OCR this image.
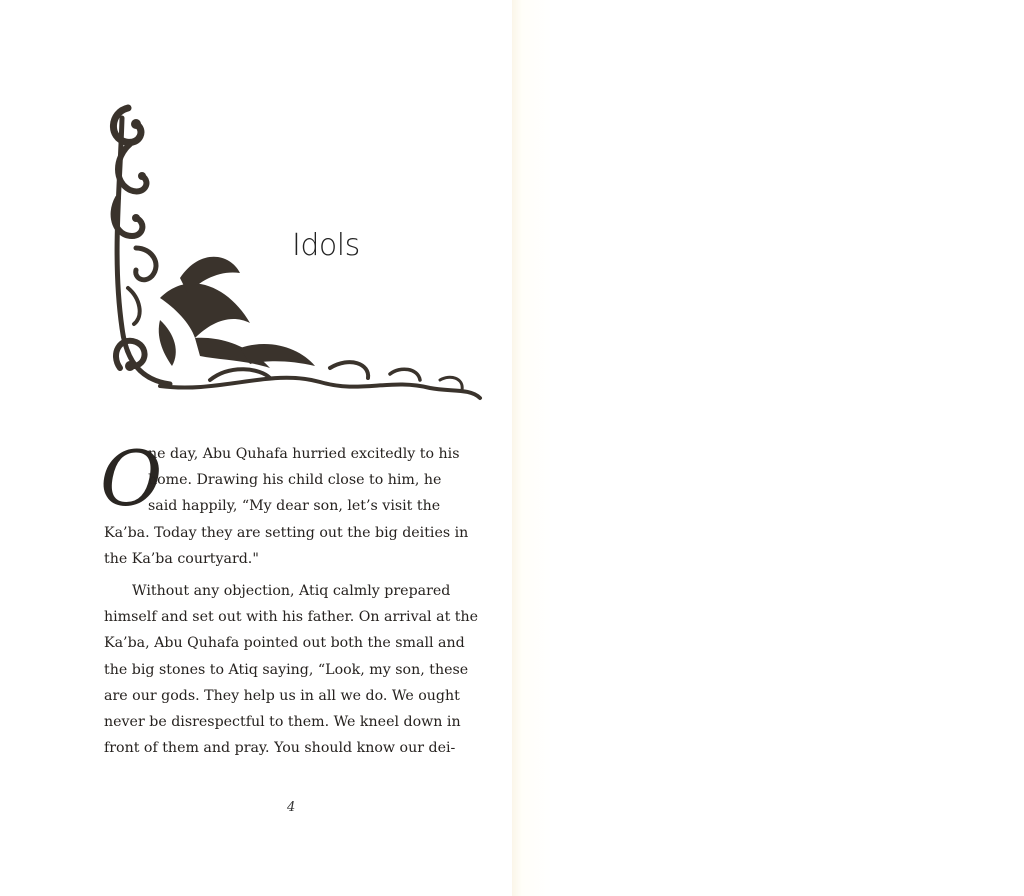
Idols
O
ne day, Abu Quhafa hurried excitedly to his
home. Drawing his child close to him, he
said happily, “My dear son, let’s visit the
Ka’ba. Today they are setting out the big deities in
the Ka’ba courtyard."
Without any objection, Atiq calmly prepared
himself and set out with his father. On arrival at the
Ka’ba, Abu Quhafa pointed out both the small and
the big stones to Atiq saying, “Look, my son, these
are our gods. They help us in all we do. We ought
never be disrespectful to them. We kneel down in
front of them and pray. You should know our dei-
4
